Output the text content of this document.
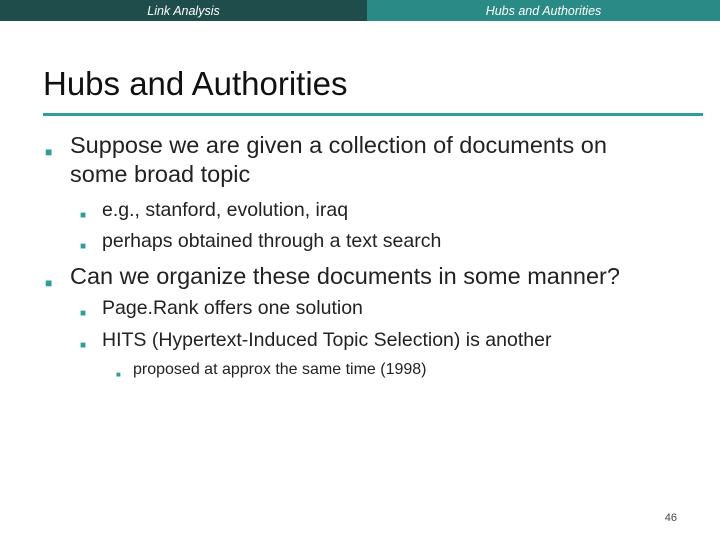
Link Analysis	Hubs and Authorities
Hubs and Authorities
■ Suppose we are given a collection of documents on
some broad topic
■ e.g., stanford, evolution, iraq
■ perhaps obtained through a text search
■ Can we organize these documents in some manner?
■ Page.Rank offers one solution
■ HITS (Hypertext-Induced Topic Selection) is another
■ proposed at approx the same time (1998)
46
